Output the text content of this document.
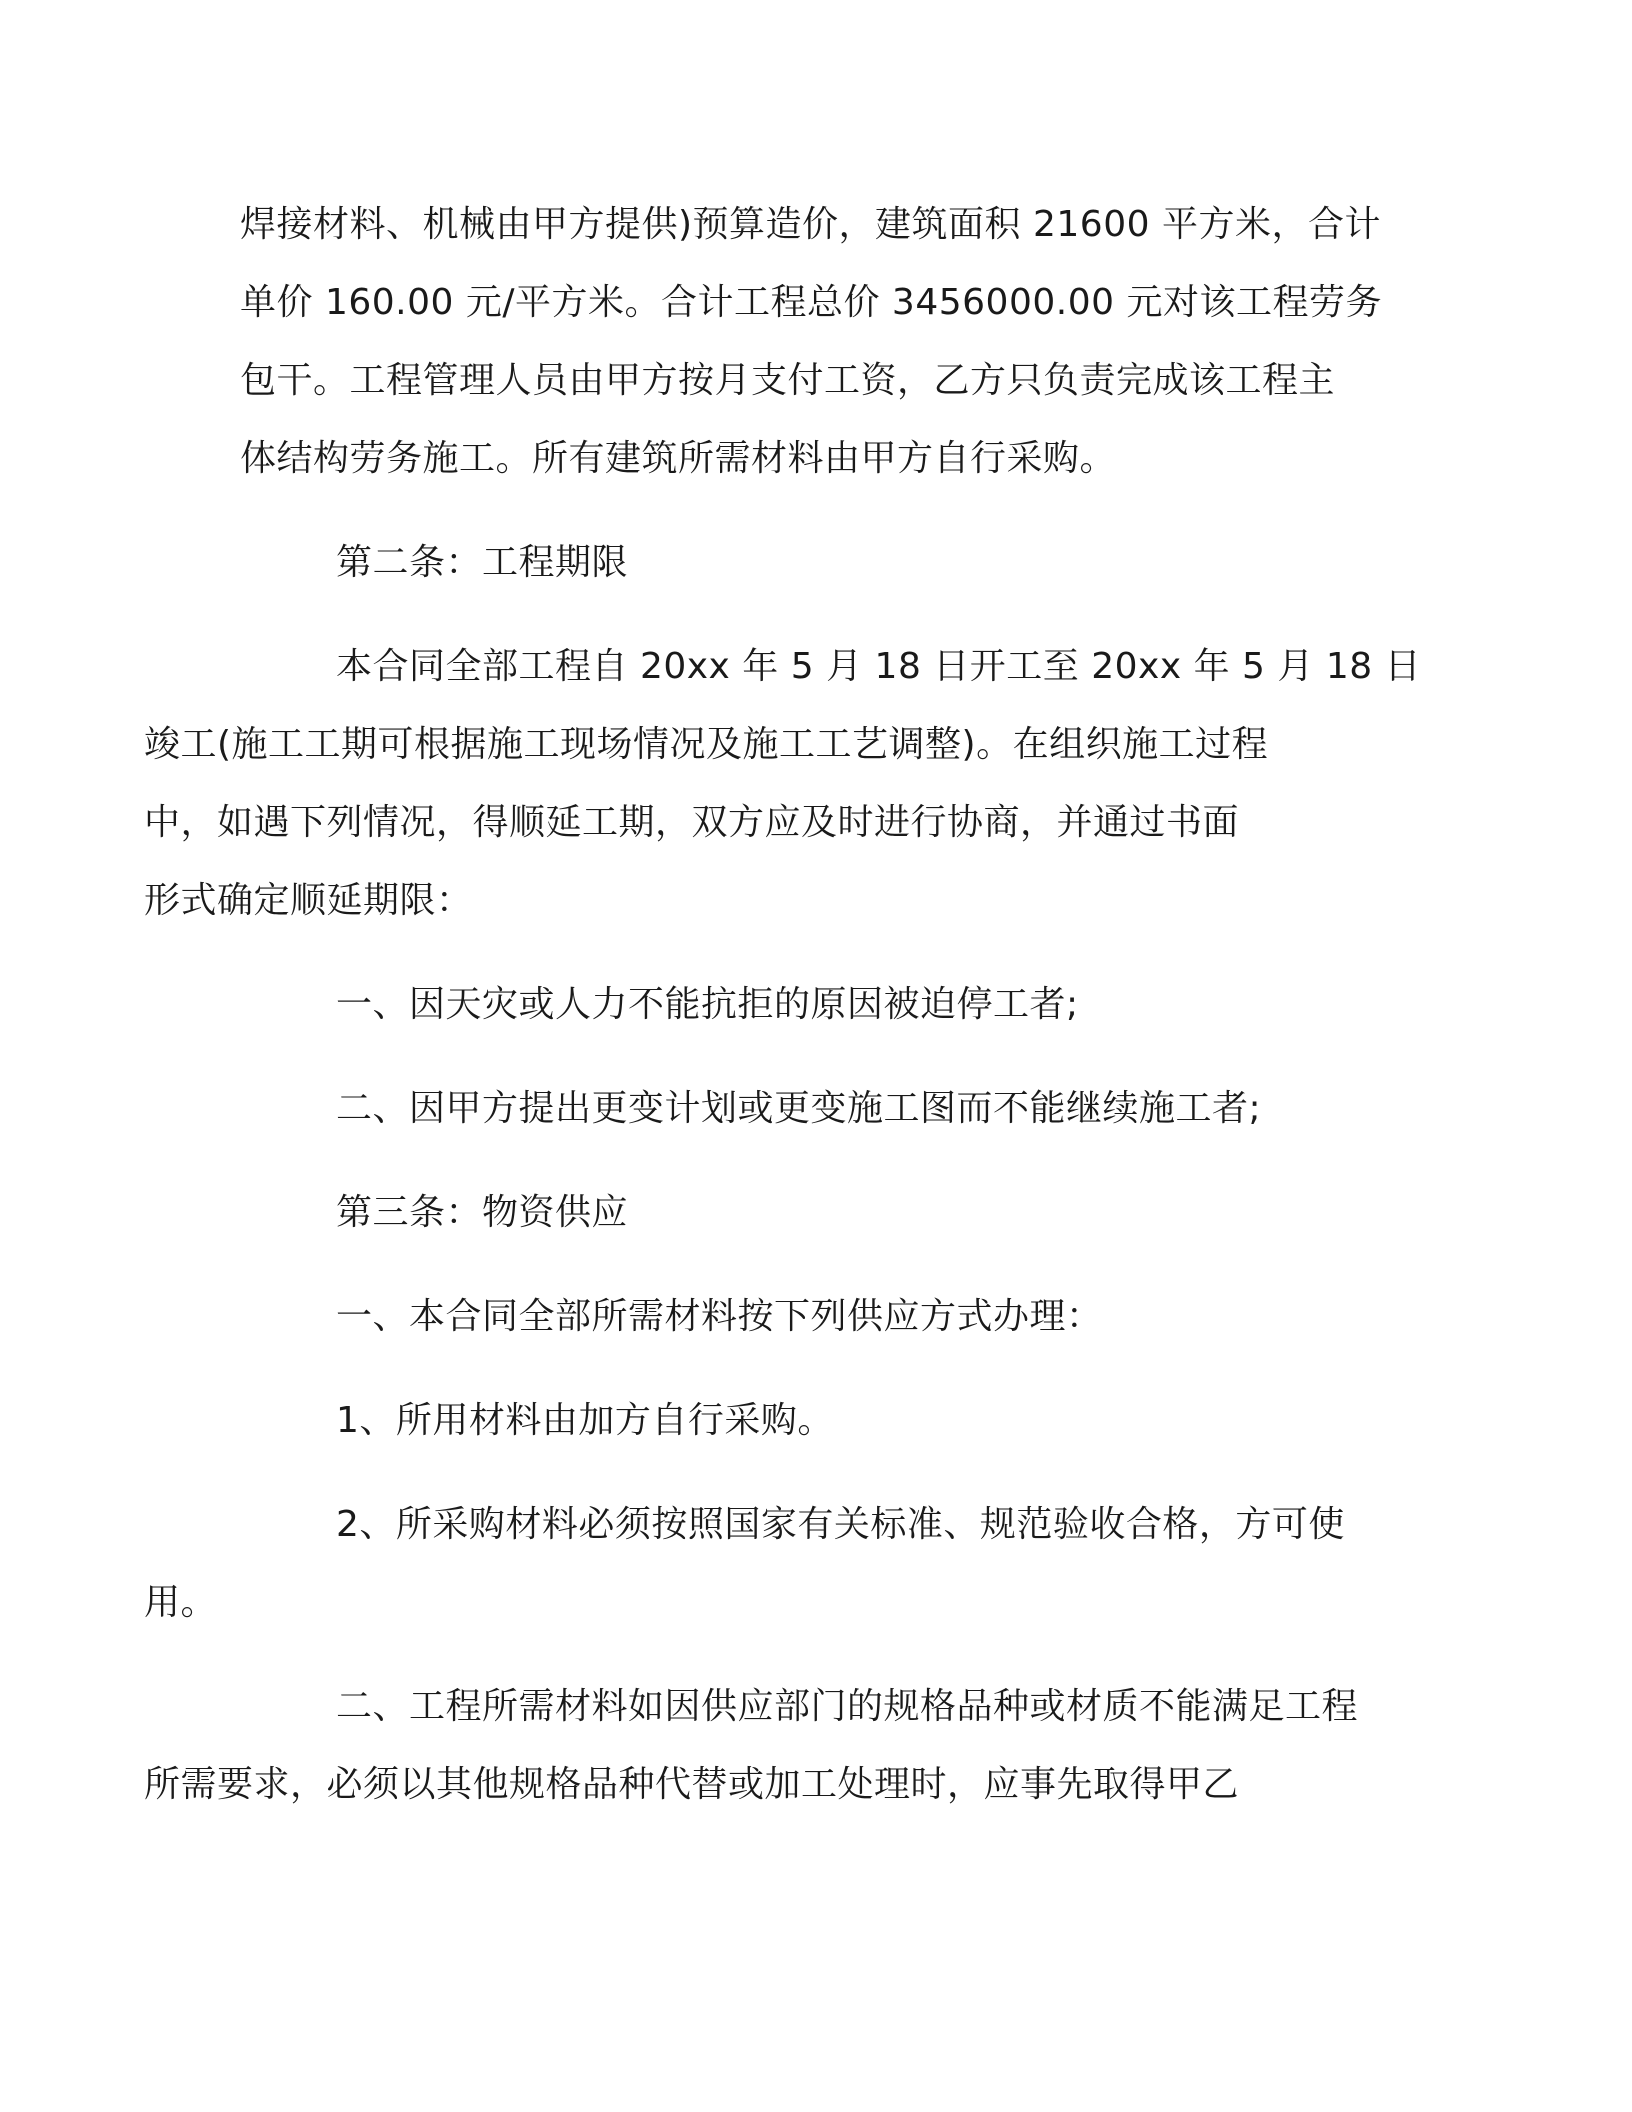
焊接材料、机械由甲方提供)预算造价，建筑面积 21600 平方米，合计
单价 160.00 元/平方米。合计工程总价 3456000.00 元对该工程劳务
包干。工程管理人员由甲方按月支付工资，乙方只负责完成该工程主
体结构劳务施工。所有建筑所需材料由甲方自行采购。

第二条：工程期限

本合同全部工程自 20xx 年 5 月 18 日开工至 20xx 年 5 月 18 日
竣工(施工工期可根据施工现场情况及施工工艺调整)。在组织施工过程
中，如遇下列情况，得顺延工期，双方应及时进行协商，并通过书面
形式确定顺延期限：

一、因天灾或人力不能抗拒的原因被迫停工者;

二、因甲方提出更变计划或更变施工图而不能继续施工者;

第三条：物资供应

一、本合同全部所需材料按下列供应方式办理：

1、所用材料由加方自行采购。

2、所采购材料必须按照国家有关标准、规范验收合格，方可使
用。

二、工程所需材料如因供应部门的规格品种或材质不能满足工程
所需要求，必须以其他规格品种代替或加工处理时，应事先取得甲乙
